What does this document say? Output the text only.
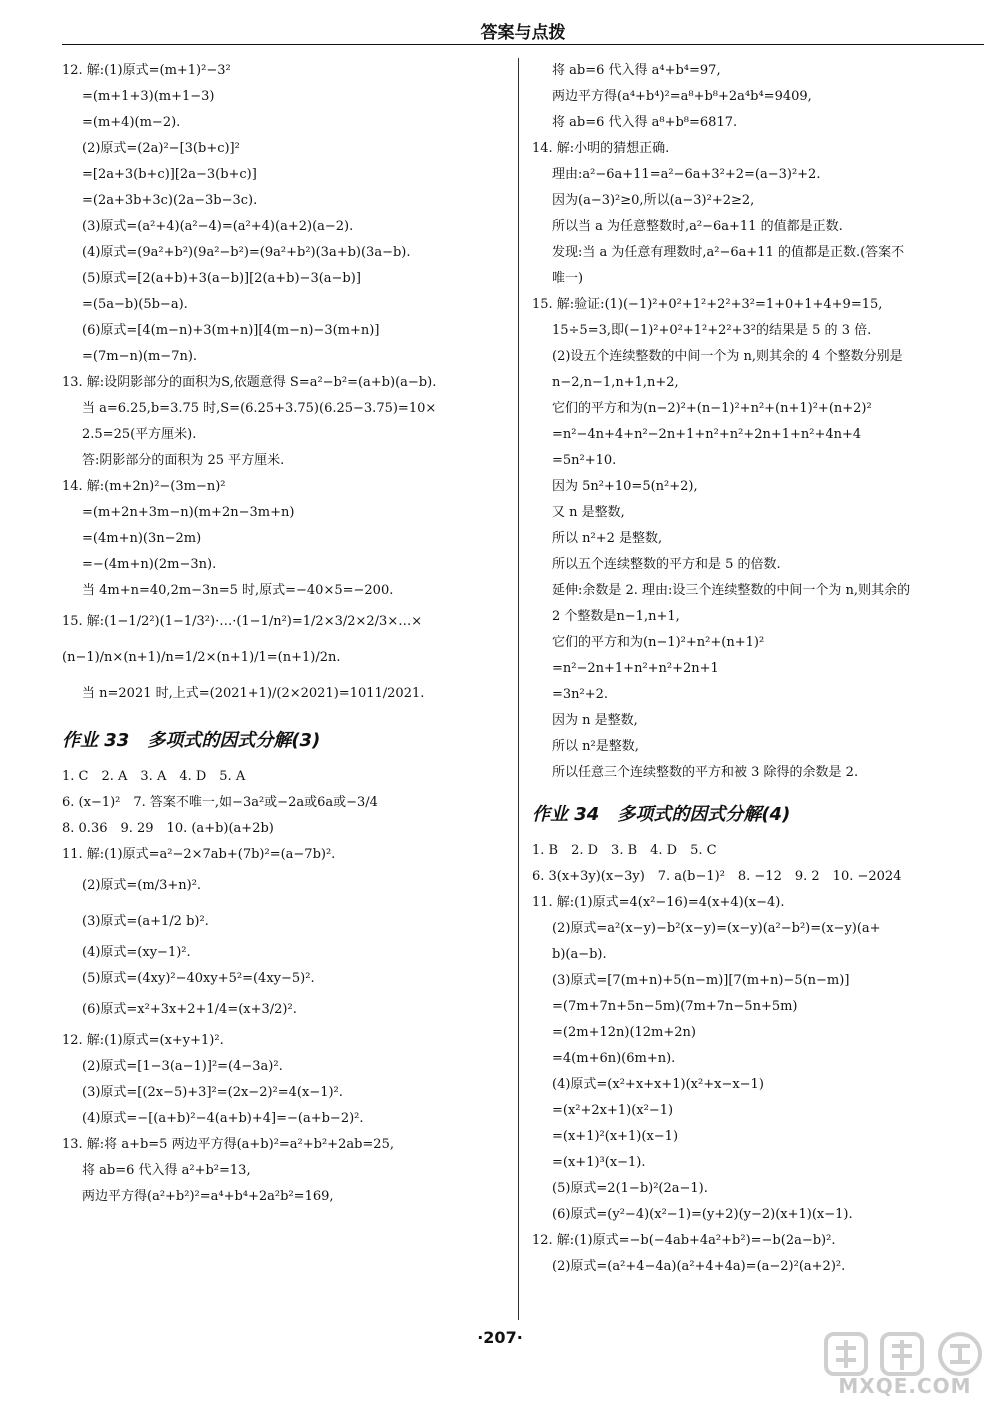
答案与点拨
12. 解:(1)原式=(m+1)²−3²
=(m+1+3)(m+1−3)
=(m+4)(m−2).
(2)原式=(2a)²−[3(b+c)]²
=[2a+3(b+c)][2a−3(b+c)]
=(2a+3b+3c)(2a−3b−3c).
(3)原式=(a²+4)(a²−4)=(a²+4)(a+2)(a−2).
(4)原式=(9a²+b²)(9a²−b²)=(9a²+b²)(3a+b)(3a−b).
(5)原式=[2(a+b)+3(a−b)][2(a+b)−3(a−b)]
=(5a−b)(5b−a).
(6)原式=[4(m−n)+3(m+n)][4(m−n)−3(m+n)]
=(7m−n)(m−7n).
13. 解:设阴影部分的面积为S,依题意得 S=a²−b²=(a+b)(a−b).
当 a=6.25,b=3.75 时,S=(6.25+3.75)(6.25−3.75)=10×
2.5=25(平方厘米).
答:阴影部分的面积为 25 平方厘米.
14. 解:(m+2n)²−(3m−n)²
=(m+2n+3m−n)(m+2n−3m+n)
=(4m+n)(3n−2m)
=−(4m+n)(2m−3n).
当 4m+n=40,2m−3n=5 时,原式=−40×5=−200.
15. 解:(1−1/2²)(1−1/3²)·…·(1−1/n²)=1/2×3/2×2/3×…×
(n−1)/n×(n+1)/n=1/2×(n+1)/1=(n+1)/2n.
当 n=2021 时,上式=(2021+1)/(2×2021)=1011/2021.
作业 33　多项式的因式分解(3)
1. C　2. A　3. A　4. D　5. A
6. (x−1)²　7. 答案不唯一,如−3a²或−2a或6a或−3/4
8. 0.36　9. 29　10. (a+b)(a+2b)
11. 解:(1)原式=a²−2×7ab+(7b)²=(a−7b)².
(2)原式=(m/3+n)².
(3)原式=(a+1/2 b)².
(4)原式=(xy−1)².
(5)原式=(4xy)²−40xy+5²=(4xy−5)².
(6)原式=x²+3x+2+1/4=(x+3/2)².
12. 解:(1)原式=(x+y+1)².
(2)原式=[1−3(a−1)]²=(4−3a)².
(3)原式=[(2x−5)+3]²=(2x−2)²=4(x−1)².
(4)原式=−[(a+b)²−4(a+b)+4]=−(a+b−2)².
13. 解:将 a+b=5 两边平方得(a+b)²=a²+b²+2ab=25,
将 ab=6 代入得 a²+b²=13,
两边平方得(a²+b²)²=a⁴+b⁴+2a²b²=169,
将 ab=6 代入得 a⁴+b⁴=97,
两边平方得(a⁴+b⁴)²=a⁸+b⁸+2a⁴b⁴=9409,
将 ab=6 代入得 a⁸+b⁸=6817.
14. 解:小明的猜想正确.
理由:a²−6a+11=a²−6a+3²+2=(a−3)²+2.
因为(a−3)²≥0,所以(a−3)²+2≥2,
所以当 a 为任意整数时,a²−6a+11 的值都是正数.
发现:当 a 为任意有理数时,a²−6a+11 的值都是正数.(答案不
唯一)
15. 解:验证:(1)(−1)²+0²+1²+2²+3²=1+0+1+4+9=15,
15÷5=3,即(−1)²+0²+1²+2²+3²的结果是 5 的 3 倍.
(2)设五个连续整数的中间一个为 n,则其余的 4 个整数分别是
n−2,n−1,n+1,n+2,
它们的平方和为(n−2)²+(n−1)²+n²+(n+1)²+(n+2)²
=n²−4n+4+n²−2n+1+n²+n²+2n+1+n²+4n+4
=5n²+10.
因为 5n²+10=5(n²+2),
又 n 是整数,
所以 n²+2 是整数,
所以五个连续整数的平方和是 5 的倍数.
延伸:余数是 2. 理由:设三个连续整数的中间一个为 n,则其余的
2 个整数是n−1,n+1,
它们的平方和为(n−1)²+n²+(n+1)²
=n²−2n+1+n²+n²+2n+1
=3n²+2.
因为 n 是整数,
所以 n²是整数,
所以任意三个连续整数的平方和被 3 除得的余数是 2.
作业 34　多项式的因式分解(4)
1. B　2. D　3. B　4. D　5. C
6. 3(x+3y)(x−3y)　7. a(b−1)²　8. −12　9. 2　10. −2024
11. 解:(1)原式=4(x²−16)=4(x+4)(x−4).
(2)原式=a²(x−y)−b²(x−y)=(x−y)(a²−b²)=(x−y)(a+
b)(a−b).
(3)原式=[7(m+n)+5(n−m)][7(m+n)−5(n−m)]
=(7m+7n+5n−5m)(7m+7n−5n+5m)
=(2m+12n)(12m+2n)
=4(m+6n)(6m+n).
(4)原式=(x²+x+x+1)(x²+x−x−1)
=(x²+2x+1)(x²−1)
=(x+1)²(x+1)(x−1)
=(x+1)³(x−1).
(5)原式=2(1−b)²(2a−1).
(6)原式=(y²−4)(x²−1)=(y+2)(y−2)(x+1)(x−1).
12. 解:(1)原式=−b(−4ab+4a²+b²)=−b(2a−b)².
(2)原式=(a²+4−4a)(a²+4+4a)=(a−2)²(a+2)².
·207·
MXQE.COM
